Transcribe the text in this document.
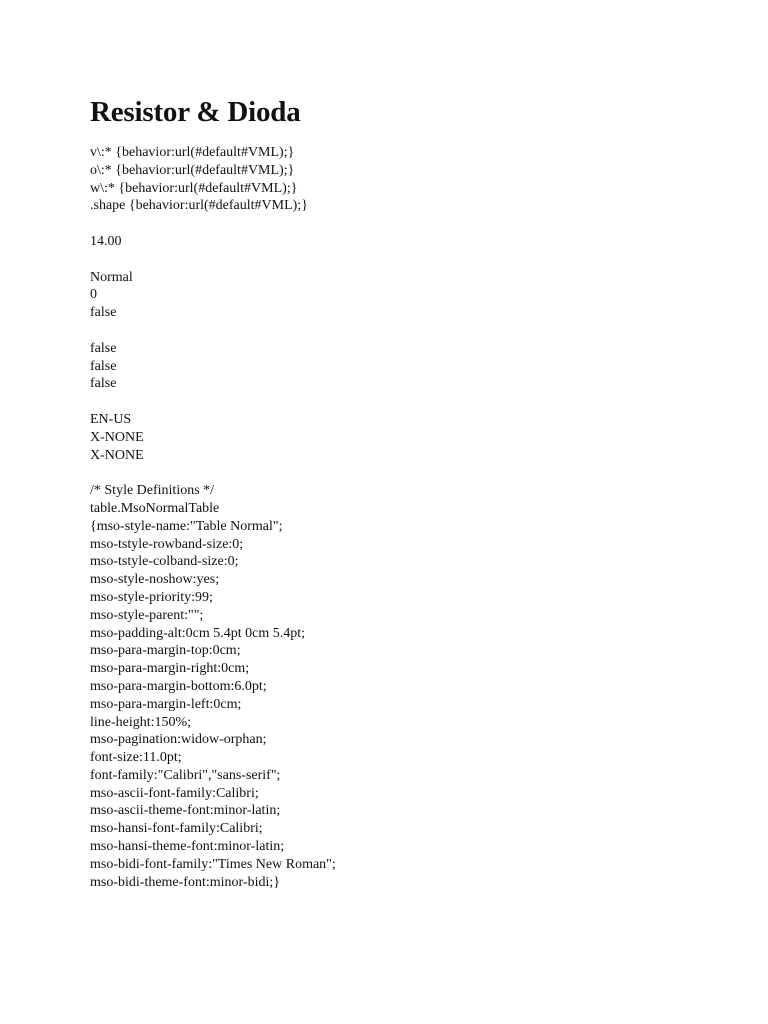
Resistor & Dioda
v\:* {behavior:url(#default#VML);}
o\:* {behavior:url(#default#VML);}
w\:* {behavior:url(#default#VML);}
.shape {behavior:url(#default#VML);}
14.00
Normal
0
false
false
false
false
EN-US
X-NONE
X-NONE
/* Style Definitions */
table.MsoNormalTable
{mso-style-name:"Table Normal";
mso-tstyle-rowband-size:0;
mso-tstyle-colband-size:0;
mso-style-noshow:yes;
mso-style-priority:99;
mso-style-parent:"";
mso-padding-alt:0cm 5.4pt 0cm 5.4pt;
mso-para-margin-top:0cm;
mso-para-margin-right:0cm;
mso-para-margin-bottom:6.0pt;
mso-para-margin-left:0cm;
line-height:150%;
mso-pagination:widow-orphan;
font-size:11.0pt;
font-family:"Calibri","sans-serif";
mso-ascii-font-family:Calibri;
mso-ascii-theme-font:minor-latin;
mso-hansi-font-family:Calibri;
mso-hansi-theme-font:minor-latin;
mso-bidi-font-family:"Times New Roman";
mso-bidi-theme-font:minor-bidi;}
